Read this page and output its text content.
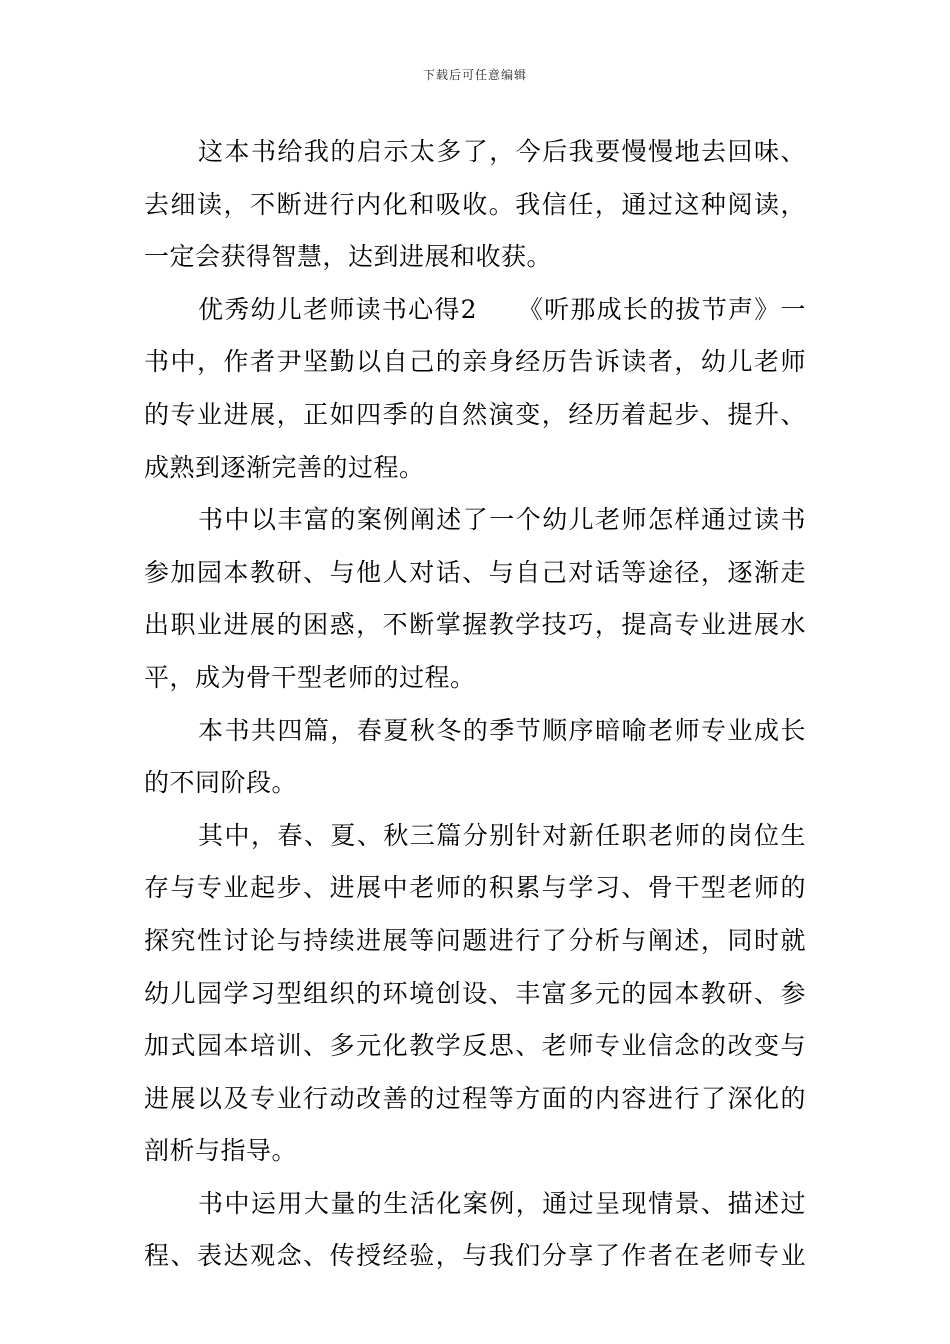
下载后可任意编辑
这本书给我的启示太多了，今后我要慢慢地去回味、
去细读，不断进行内化和吸收。我信任，通过这种阅读，
一定会获得智慧，达到进展和收获。
优秀幼儿老师读书心得2　　《听那成长的拔节声》一
书中，作者尹坚勤以自己的亲身经历告诉读者，幼儿老师
的专业进展，正如四季的自然演变，经历着起步、提升、
成熟到逐渐完善的过程。
书中以丰富的案例阐述了一个幼儿老师怎样通过读书
参加园本教研、与他人对话、与自己对话等途径，逐渐走
出职业进展的困惑，不断掌握教学技巧，提高专业进展水
平，成为骨干型老师的过程。
本书共四篇，春夏秋冬的季节顺序暗喻老师专业成长
的不同阶段。
其中，春、夏、秋三篇分别针对新任职老师的岗位生
存与专业起步、进展中老师的积累与学习、骨干型老师的
探究性讨论与持续进展等问题进行了分析与阐述，同时就
幼儿园学习型组织的环境创设、丰富多元的园本教研、参
加式园本培训、多元化教学反思、老师专业信念的改变与
进展以及专业行动改善的过程等方面的内容进行了深化的
剖析与指导。
书中运用大量的生活化案例，通过呈现情景、描述过
程、表达观念、传授经验，与我们分享了作者在老师专业
